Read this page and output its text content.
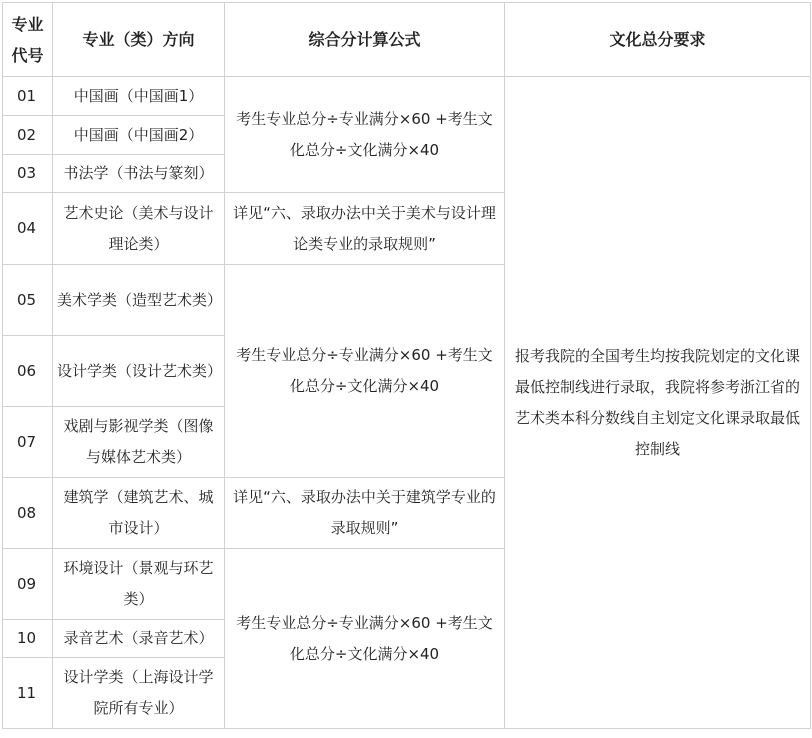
专业
代号	专业（类）方向	综合分计算公式	文化总分要求
01	中国画（中国画1）	考生专业总分÷专业满分×60 +考生文化总分÷文化满分×40	报考我院的全国考生均按我院划定的文化课最低控制线进行录取，我院将参考浙江省的艺术类本科分数线自主划定文化课录取最低控制线
02	中国画（中国画2）		
03	书法学（书法与篆刻）		
04	艺术史论（美术与设计理论类）	详见“六、录取办法中关于美术与设计理论类专业的录取规则”	
05	美术学类（造型艺术类）	考生专业总分÷专业满分×60 +考生文化总分÷文化满分×40	
06	设计学类（设计艺术类）		
07	戏剧与影视学类（图像与媒体艺术类）		
08	建筑学（建筑艺术、城市设计）	详见“六、录取办法中关于建筑学专业的录取规则”	
09	环境设计（景观与环艺类）	考生专业总分÷专业满分×60 +考生文化总分÷文化满分×40	
10	录音艺术（录音艺术）		
11	设计学类（上海设计学院所有专业）		
